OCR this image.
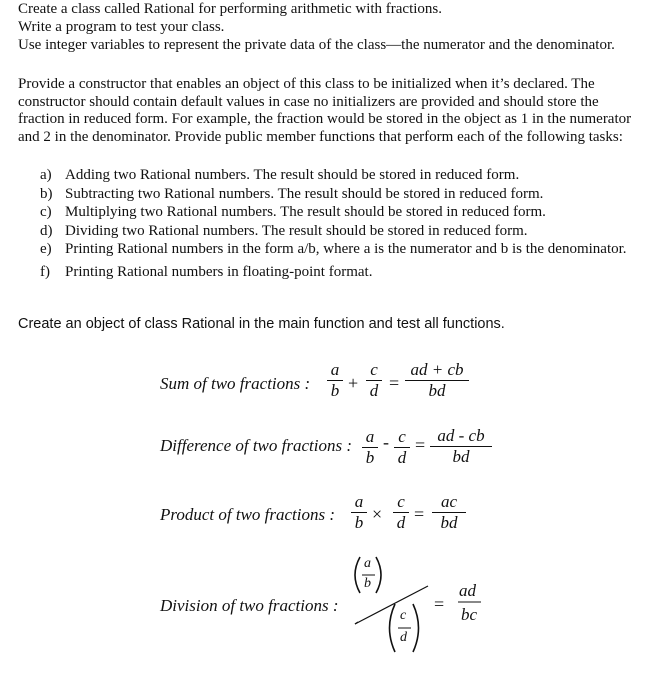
Create a class called Rational for performing arithmetic with fractions.
Write a program to test your class.
Use integer variables to represent the private data of the class—the numerator and the denominator.
Provide a constructor that enables an object of this class to be initialized when it’s declared. The constructor should contain default values in case no initializers are provided and should store the fraction in reduced form. For example, the fraction would be stored in the object as 1 in the numerator and 2 in the denominator. Provide public member functions that perform each of the following tasks:
a) Adding two Rational numbers. The result should be stored in reduced form.
b) Subtracting two Rational numbers. The result should be stored in reduced form.
c) Multiplying two Rational numbers. The result should be stored in reduced form.
d) Dividing two Rational numbers. The result should be stored in reduced form.
e) Printing Rational numbers in the form a/b, where a is the numerator and b is the denominator.
f) Printing Rational numbers in floating-point format.
Create an object of class Rational in the main function and test all functions.
Sum of two fractions :
a
b +
c
d =
ad + cb
bd
Difference of two fractions : a
b
- c
d
= ad - cb
bd
Product of two fractions :
a
b ×
c
d =
ac
bd
Division of two fractions :
a
b
c
d
=
ad
bc
